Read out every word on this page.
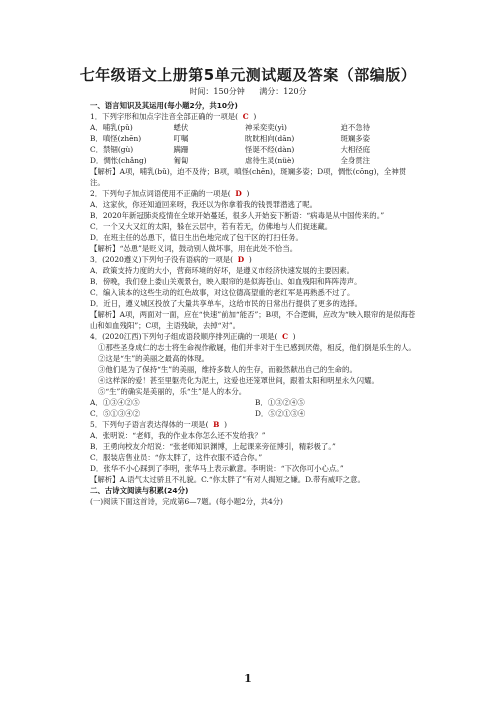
七年级语文上册第5单元测试题及答案（部编版）
时间：150分钟 满分：120分

一、语言知识及其运用(每小题2分，共10分)

1．下列字形和加点字注音全部正确的一项是( C )

A．哺乳(pǔ)	蟋伏	神采奕奕(yì)	迫不急待
B．嗔怪(zhēn)	叮嘱	眈眈相向(dān)	斑斓多姿
C．禁锢(gù)	蹒跚	怪诞不经(dàn)	大相径庭
D．惆怅(chǎng)	匍匐	虐待生灵(nüè)	全身贯注

【解析】A项，哺乳(bǔ)，迫不及待；B项，嗔怪(chēn)，斑斓多姿；D项，惆怅(cōng)，全神贯注。

2．下列句子加点词语使用不正确的一项是( D )

A．这家伙，你还知道回来呀，我还以为你拿着我的钱畏罪潜逃了呢。

B．2020年新冠肺炎疫情在全球开始蔓延，很多人开始妄下断语：“病毒是从中国传来的。”

C．一个又大又红的太阳，躲在云层中，若有若无，仿佛地与人们捉迷藏。

D．在班主任的怂恿下，值日生出色地完成了包干区的打扫任务。

【解析】“怂恿”是贬义词，鼓动别人做坏事，用在此处不恰当。

3．(2020遵义)下列句子没有语病的一项是( D )

A．政策支持力度的大小，营商环境的好坏，是遵义市经济快速发展的主要因素。

B．傍晚，我们登上娄山关观景台，映入眼帘的是似海苍山、如血残阳和阵阵涛声。

C．编入读本的这些生动的红色故事，对这位德高望重的老红军是再熟悉不过了。

D．近日，遵义城区投放了大量共享单车，这给市民的日常出行提供了更多的选择。

【解析】A项，两面对一面，应在“快速”前加“能否”；B项，不合逻辑，应改为“映入眼帘的是似海苍山和如血残阳”；C项，主语残缺，去掉“对”。

4．(2020江西)下列句子组成语段顺序排列正确的一项是( C )

①那些圣身成仁的志士将生命视作敝屣，他们并非对于生已感到厌倦，相反，他们倒是乐生的人。

②这是“生”的美丽之最高的体现。

③他们是为了保持“生”的美丽，维持多数人的生存，而毅然献出自己的生命的。

④这样深的爱！甚至里躯壳化为泥土，这爱也还笼罩世间，跟着太阳和明星永久闪耀。

⑤“生”的确实是美丽的，乐“生”是人的本分。

A．①③④②⑤	B．①③②④⑤
C．⑤①③④②	D．⑤②①③④

5．下列句子语言表达得体的一项是( B )

A．张明说：“老师，我的作业本你怎么还不发给我？”

B．王勇向校友介绍说：“张老师知识渊博，上起课来旁征博引，精彩极了。”

C．服装店售业员：“你太胖了，这件衣服不适合你。”

D．张华不小心踩到了李明，张华马上表示歉意。李明说：“下次你可小心点。”

【解析】A.语气太过骄且不礼貌。C.“你太胖了”有对人揭短之嫌。D.带有威吓之意。

二、古诗文阅读与积累(24分)

(一)阅读下面这首诗，完成第6—7题。(每小题2分，共4分)

1
